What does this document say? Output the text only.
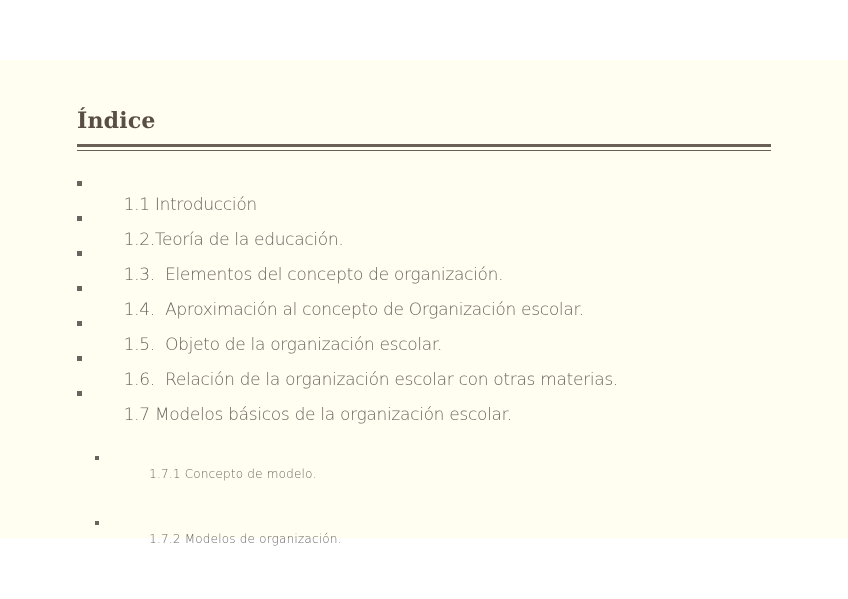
Índice

1.1 Introducción

1.2.Teoría de la educación.

1.3.  Elementos del concepto de organización.

1.4.  Aproximación al concepto de Organización escolar.

1.5.  Objeto de la organización escolar.

1.6.  Relación de la organización escolar con otras materias.

1.7 Modelos básicos de la organización escolar.

1.7.1 Concepto de modelo.

1.7.2 Modelos de organización.
